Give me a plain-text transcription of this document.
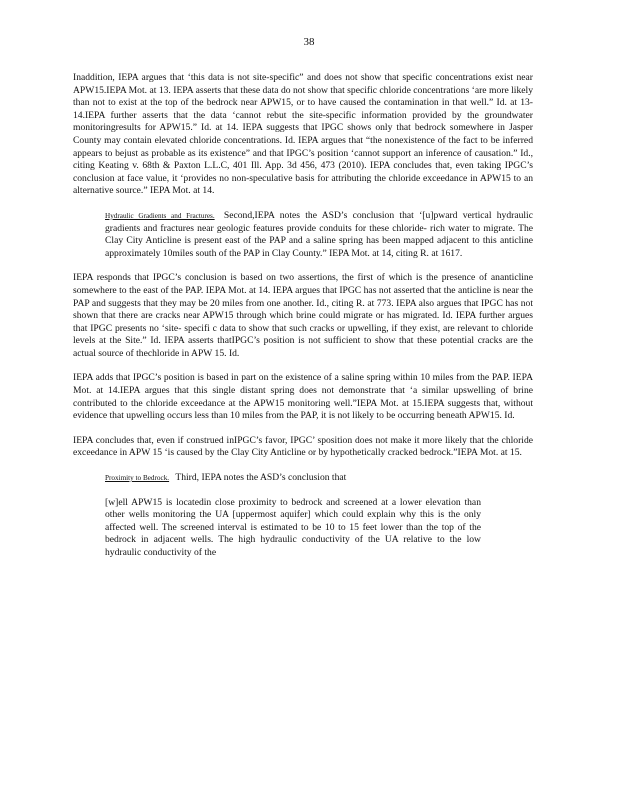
38

Inaddition, IEPA argues that ‘this data is not site-specific” and does not show that specific concentrations exist near APW15.IEPA Mot. at 13. IEPA asserts that these data do not show that specific chloride concentrations ‘are more likely than not to exist at the top of the bedrock near APW15, or to have caused the contamination in that well.” Id. at 13-14.IEPA further asserts that the data ‘cannot rebut the site-specific information provided by the groundwater monitoringresults for APW15.” Id. at 14. IEPA suggests that IPGC shows only that bedrock somewhere in Jasper County may contain elevated chloride concentrations. Id. IEPA argues that “the nonexistence of the fact to be inferred appears to bejust as probable as its existence” and that IPGC’s position ‘cannot support an inference of causation.” Id., citing Keating v. 68th & Paxton L.L.C, 401 Ill. App. 3d 456, 473 (2010). IEPA concludes that, even taking IPGC’s conclusion at face value, it ‘provides no non-speculative basis for attributing the chloride exceedance in APW15 to an alternative source.” IEPA Mot. at 14.

Hydraulic Gradients and Fractures. Second,IEPA notes the ASD’s conclusion that ‘[u]pward vertical hydraulic gradients and fractures near geologic features provide conduits for these chloride- rich water to migrate. The Clay City Anticline is present east of the PAP and a saline spring has been mapped adjacent to this anticline approximately 10miles south of the PAP in Clay County.” IEPA Mot. at 14, citing R. at 1617.

IEPA responds that IPGC’s conclusion is based on two assertions, the first of which is the presence of ananticline somewhere to the east of the PAP. IEPA Mot. at 14. IEPA argues that IPGC has not asserted that the anticline is near the PAP and suggests that they may be 20 miles from one another. Id., citing R. at 773. IEPA also argues that IPGC has not shown that there are cracks near APW15 through which brine could migrate or has migrated. Id. IEPA further argues that IPGC presents no ‘site- specifi c data to show that such cracks or upwelling, if they exist, are relevant to chloride levels at the Site.” Id. IEPA asserts thatIPGC’s position is not sufficient to show that these potential cracks are the actual source of thechloride in APW 15. Id.

IEPA adds that IPGC’s position is based in part on the existence of a saline spring within 10 miles from the PAP. IEPA Mot. at 14.IEPA argues that this single distant spring does not demonstrate that ‘a similar upswelling of brine contributed to the chloride exceedance at the APW15 monitoring well.”IEPA Mot. at 15.IEPA suggests that, without evidence that upwelling occurs less than 10 miles from the PAP, it is not likely to be occurring beneath APW15. Id.

IEPA concludes that, even if construed inIPGC’s favor, IPGC’ sposition does not make it more likely that the chloride exceedance in APW 15 ‘is caused by the Clay City Anticline or by hypothetically cracked bedrock.”IEPA Mot. at 15.

Proximity to Bedrock. Third, IEPA notes the ASD’s conclusion that

[w]ell APW15 is locatedin close proximity to bedrock and screened at a lower elevation than other wells monitoring the UA [uppermost aquifer] which could explain why this is the only affected well. The screened interval is estimated to be 10 to 15 feet lower than the top of the bedrock in adjacent wells. The high hydraulic conductivity of the UA relative to the low hydraulic conductivity of the
